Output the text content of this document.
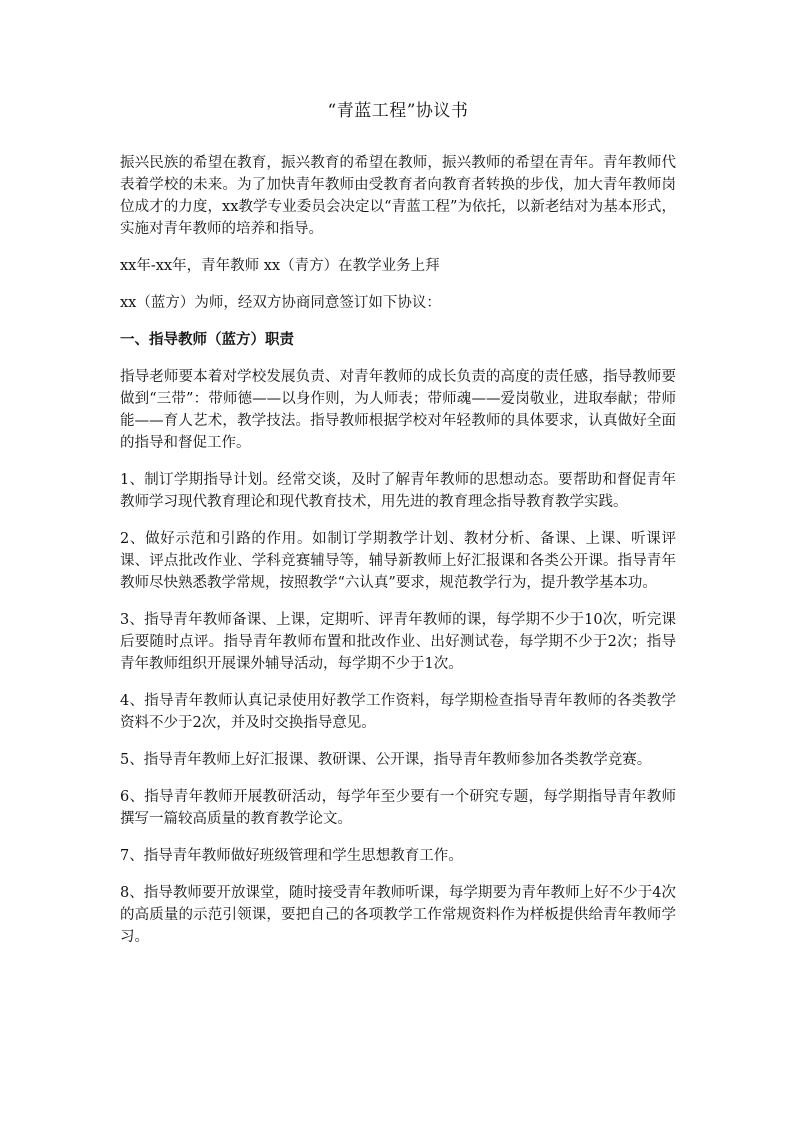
“青蓝工程”协议书

振兴民族的希望在教育，振兴教育的希望在教师，振兴教师的希望在青年。青年教师代表着学校的未来。为了加快青年教师由受教育者向教育者转换的步伐，加大青年教师岗位成才的力度，xx教学专业委员会决定以“青蓝工程”为依托，以新老结对为基本形式，实施对青年教师的培养和指导。

xx年-xx年，青年教师 xx（青方）在教学业务上拜

xx（蓝方）为师，经双方协商同意签订如下协议：

一、指导教师（蓝方）职责

指导老师要本着对学校发展负责、对青年教师的成长负责的高度的责任感，指导教师要做到“三带”：带师德——以身作则，为人师表；带师魂——爱岗敬业，进取奉献；带师能——育人艺术，教学技法。指导教师根据学校对年轻教师的具体要求，认真做好全面的指导和督促工作。

1、制订学期指导计划。经常交谈，及时了解青年教师的思想动态。要帮助和督促青年教师学习现代教育理论和现代教育技术，用先进的教育理念指导教育教学实践。

2、做好示范和引路的作用。如制订学期教学计划、教材分析、备课、上课、听课评课、评点批改作业、学科竞赛辅导等，辅导新教师上好汇报课和各类公开课。指导青年教师尽快熟悉教学常规，按照教学“六认真”要求，规范教学行为，提升教学基本功。

3、指导青年教师备课、上课，定期听、评青年教师的课，每学期不少于10次，听完课后要随时点评。指导青年教师布置和批改作业、出好测试卷，每学期不少于2次；指导青年教师组织开展课外辅导活动，每学期不少于1次。

4、指导青年教师认真记录使用好教学工作资料，每学期检查指导青年教师的各类教学资料不少于2次，并及时交换指导意见。

5、指导青年教师上好汇报课、教研课、公开课，指导青年教师参加各类教学竞赛。

6、指导青年教师开展教研活动，每学年至少要有一个研究专题，每学期指导青年教师撰写一篇较高质量的教育教学论文。

7、指导青年教师做好班级管理和学生思想教育工作。

8、指导教师要开放课堂，随时接受青年教师听课，每学期要为青年教师上好不少于4次的高质量的示范引领课，要把自己的各项教学工作常规资料作为样板提供给青年教师学习。
